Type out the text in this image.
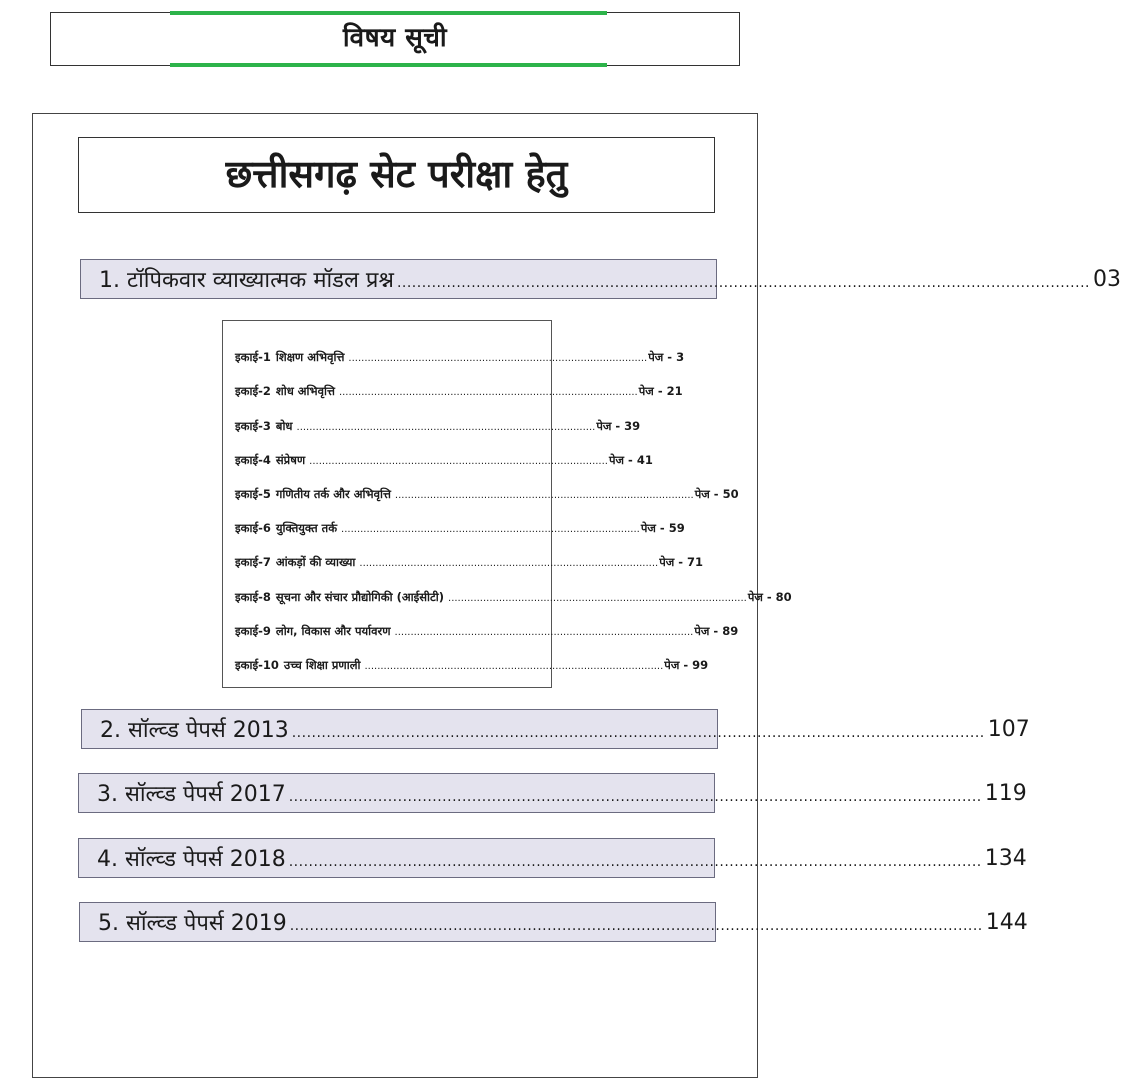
विषय सूची
छत्तीसगढ़ सेट परीक्षा हेतु
1. टॉपिकवार व्याख्यात्मक मॉडल प्रश्न ............................................................................................................................................ 03
इकाई-1 शिक्षण अभिवृत्ति .............................................................................................. पेज - 3
इकाई-2 शोध अभिवृत्ति .............................................................................................. पेज - 21
इकाई-3 बोध .............................................................................................. पेज - 39
इकाई-4 संप्रेषण .............................................................................................. पेज - 41
इकाई-5 गणितीय तर्क और अभिवृत्ति .............................................................................................. पेज - 50
इकाई-6 युक्तियुक्त तर्क .............................................................................................. पेज - 59
इकाई-7 आंकड़ों की व्याख्या .............................................................................................. पेज - 71
इकाई-8 सूचना और संचार प्रौद्योगिकी (आईसीटी) .............................................................................................. पेज - 80
इकाई-9 लोग, विकास और पर्यावरण .............................................................................................. पेज - 89
इकाई-10 उच्च शिक्षा प्रणाली .............................................................................................. पेज - 99
2. सॉल्व्ड पेपर्स 2013 ............................................................................................................................................ 107
3. सॉल्व्ड पेपर्स 2017 ............................................................................................................................................ 119
4. सॉल्व्ड पेपर्स 2018 ............................................................................................................................................ 134
5. सॉल्व्ड पेपर्स 2019 ............................................................................................................................................ 144
